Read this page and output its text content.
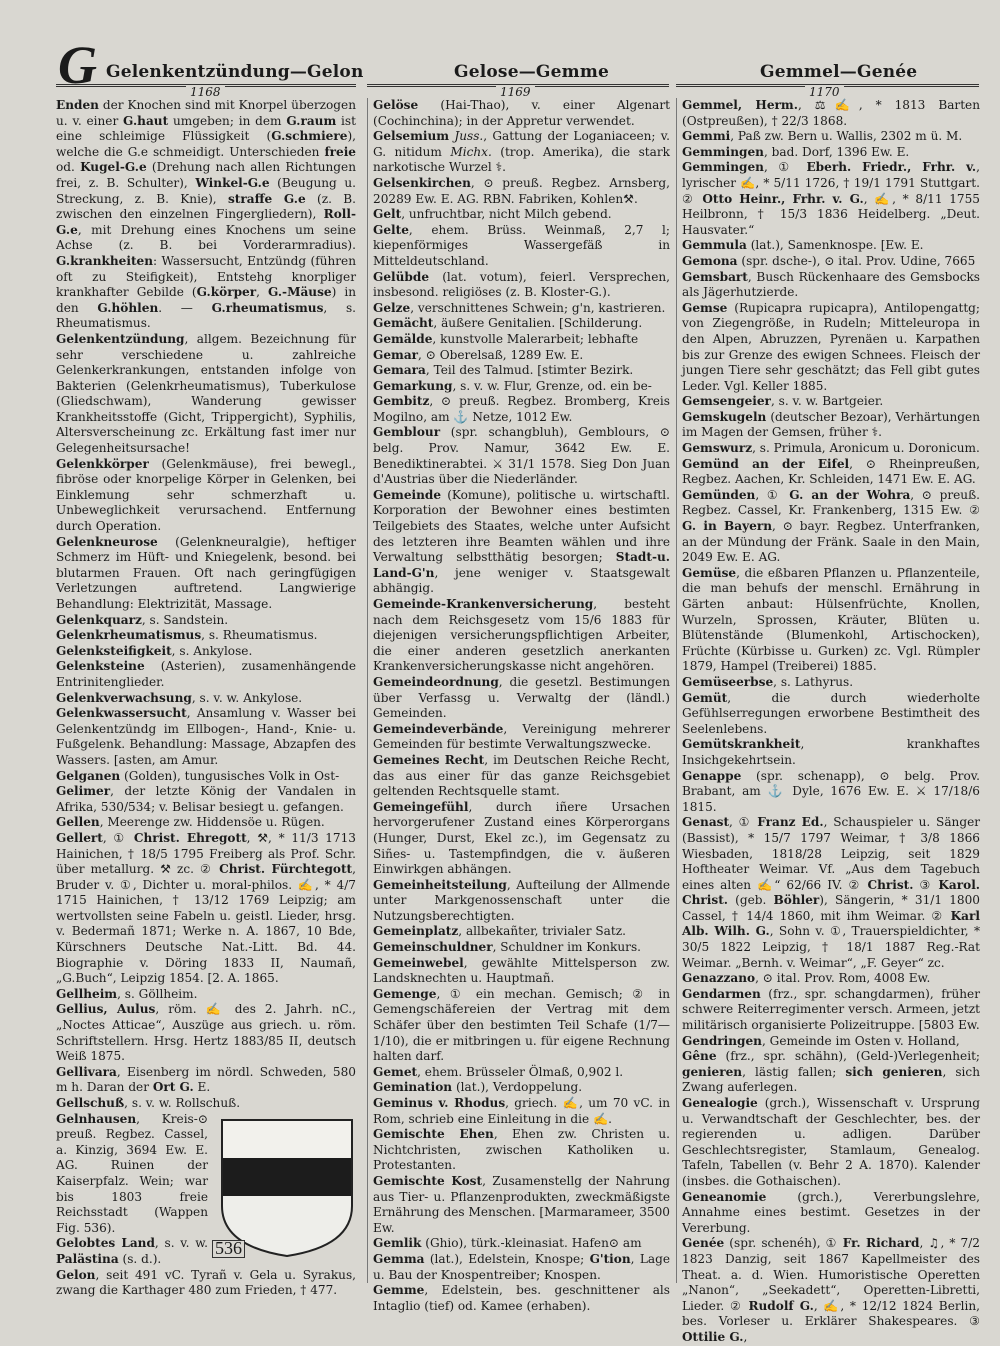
G Gelenkentzündung—Gelon	Gelose—Gemme	Gemmel—Genée
1168	1169	1170

Enden der Knochen sind mit Knorpel überzogen u. v. einer G.haut umgeben; in dem G.raum ist eine schleimige Flüssigkeit (G.schmiere), welche die G.e schmeidigt. Unterschieden freie od. Kugel-G.e (Drehung nach allen Richtungen frei, z. B. Schulter), Winkel-G.e (Beugung u. Streckung, z. B. Knie), straffe G.e (z. B. zwischen den einzelnen Fingergliedern), Roll-G.e, mit Drehung eines Knochens um seine Achse (z. B. bei Vorderarmradius). G.krankheiten: Wassersucht, Entzündg (führen oft zu Steifigkeit), Entstehg knorpliger krankhafter Gebilde (G.körper, G.-Mäuse) in den G.höhlen. — G.rheumatismus, s. Rheumatismus.

Gelenkentzündung, allgem. Bezeichnung für sehr verschiedene u. zahlreiche Gelenkerkrankungen, entstanden infolge von Bakterien (Gelenkrheumatismus), Tuberkulose (Gliedschwam), Wanderung gewisser Krankheitsstoffe (Gicht, Trippergicht), Syphilis, Altersverscheinung zc. Erkältung fast imer nur Gelegenheitsursache!

Gelenkkörper (Gelenkmäuse), frei bewegl., fibröse oder knorpelige Körper in Gelenken, bei Einklemung sehr schmerzhaft u. Unbeweglichkeit verursachend. Entfernung durch Operation.

Gelenkneurose (Gelenkneuralgie), heftiger Schmerz im Hüft- und Kniegelenk, besond. bei blutarmen Frauen. Oft nach geringfügigen Verletzungen auftretend. Langwierige Behandlung: Elektrizität, Massage.

Gelenkquarz, s. Sandstein.

Gelenkrheumatismus, s. Rheumatismus.

Gelenksteifigkeit, s. Ankylose.

Gelenksteine (Asterien), zusamenhängende Entrinitenglieder.

Gelenkverwachsung, s. v. w. Ankylose.

Gelenkwassersucht, Ansamlung v. Wasser bei Gelenkentzündg im Ellbogen-, Hand-, Knie- u. Fußgelenk. Behandlung: Massage, Abzapfen des Wassers. [asten, am Amur.

Gelganen (Golden), tungusisches Volk in Ost-

Gelimer, der letzte König der Vandalen in Afrika, 530/534; v. Belisar besiegt u. gefangen.

Gellen, Meerenge zw. Hiddensöe u. Rügen.

Gellert, ① Christ. Ehregott, ⚒, * 11/3 1713 Hainichen, † 18/5 1795 Freiberg als Prof. Schr. über metallurg. ⚒ zc. ② Christ. Fürchtegott, Bruder v. ①, Dichter u. moral-philos. ✍, * 4/7 1715 Hainichen, † 13/12 1769 Leipzig; am wertvollsten seine Fabeln u. geistl. Lieder, hrsg. v. Bedermañ 1871; Werke n. A. 1867, 10 Bde, Kürschners Deutsche Nat.-Litt. Bd. 44. Biographie v. Döring 1833 II, Naumañ, „G.Buch“, Leipzig 1854. [2. A. 1865.

Gellheim, s. Göllheim.

Gellius, Aulus, röm. ✍ des 2. Jahrh. nC., „Noctes Atticae“, Auszüge aus griech. u. röm. Schriftstellern. Hrsg. Hertz 1883/85 II, deutsch Weiß 1875.

Gellivara, Eisenberg im nördl. Schweden, 580 m h. Daran der Ort G. E.

Gellschuß, s. v. w. Rollschuß.

536
Gelnhausen, Kreis-⊙ preuß. Regbez. Cassel, a. Kinzig, 3694 Ew. E. AG. Ruinen der Kaiserpfalz. Wein; war bis 1803 freie Reichsstadt (Wappen Fig. 536).

Gelobtes Land, s. v. w. Palästina (s. d.).

Gelon, seit 491 vC. Tyrañ v. Gela u. Syrakus, zwang die Karthager 480 zum Frieden, † 477.

Gelöse (Hai-Thao), v. einer Algenart (Cochinchina); in der Appretur verwendet.

Gelsemium Juss., Gattung der Loganiaceen; v. G. nitidum Michx. (trop. Amerika), die stark narkotische Wurzel ⚕.

Gelsenkirchen, ⊙ preuß. Regbez. Arnsberg, 20289 Ew. E. AG. RBN. Fabriken, Kohlen⚒.

Gelt, unfruchtbar, nicht Milch gebend.

Gelte, ehem. Brüss. Weinmaß, 2,7 l; kiepenförmiges Wassergefäß in Mitteldeutschland.

Gelübde (lat. votum), feierl. Versprechen, insbesond. religiöses (z. B. Kloster-G.).

Gelze, verschnittenes Schwein; g'n, kastrieren.

Gemächt, äußere Genitalien. [Schilderung.

Gemälde, kunstvolle Malerarbeit; lebhafte

Gemar, ⊙ Oberelsaß, 1289 Ew. E.

Gemara, Teil des Talmud. [stimter Bezirk.

Gemarkung, s. v. w. Flur, Grenze, od. ein be-

Gembitz, ⊙ preuß. Regbez. Bromberg, Kreis Mogilno, am ⚓ Netze, 1012 Ew.

Gemblour (spr. schangbluh), Gemblours, ⊙ belg. Prov. Namur, 3642 Ew. E. Benediktinerabtei. ⚔ 31/1 1578. Sieg Don Juan d'Austrias über die Niederländer.

Gemeinde (Komune), politische u. wirtschaftl. Korporation der Bewohner eines bestimten Teilgebiets des Staates, welche unter Aufsicht des letzteren ihre Beamten wählen und ihre Verwaltung selbstthätig besorgen; Stadt-u. Land-G'n, jene weniger v. Staatsgewalt abhängig.

Gemeinde-Krankenversicherung, besteht nach dem Reichsgesetz vom 15/6 1883 für diejenigen versicherungspflichtigen Arbeiter, die einer anderen gesetzlich anerkanten Krankenversicherungskasse nicht angehören.

Gemeindeordnung, die gesetzl. Bestimungen über Verfassg u. Verwaltg der (ländl.) Gemeinden.

Gemeindeverbände, Vereinigung mehrerer Gemeinden für bestimte Verwaltungszwecke.

Gemeines Recht, im Deutschen Reiche Recht, das aus einer für das ganze Reichsgebiet geltenden Rechtsquelle stamt.

Gemeingefühl, durch iñere Ursachen hervorgerufener Zustand eines Körperorgans (Hunger, Durst, Ekel zc.), im Gegensatz zu Siñes- u. Tastempfindgen, die v. äußeren Einwirkgen abhängen.

Gemeinheitsteilung, Aufteilung der Allmende unter Markgenossenschaft unter die Nutzungsberechtigten.

Gemeinplatz, allbekañter, trivialer Satz.

Gemeinschuldner, Schuldner im Konkurs.

Gemeinwebel, gewählte Mittelsperson zw. Landsknechten u. Hauptmañ.

Gemenge, ① ein mechan. Gemisch; ② in Gemengschäfereien der Vertrag mit dem Schäfer über den bestimten Teil Schafe (1/7—1/10), die er mitbringen u. für eigene Rechnung halten darf.

Gemet, ehem. Brüsseler Ölmaß, 0,902 l.

Gemination (lat.), Verdoppelung.

Geminus v. Rhodus, griech. ✍, um 70 vC. in Rom, schrieb eine Einleitung in die ✍.

Gemischte Ehen, Ehen zw. Christen u. Nichtchristen, zwischen Katholiken u. Protestanten.

Gemischte Kost, Zusamenstellg der Nahrung aus Tier- u. Pflanzenprodukten, zweckmäßigste Ernährung des Menschen. [Marmarameer, 3500 Ew.

Gemlik (Ghio), türk.-kleinasiat. Hafen⊙ am

Gemma (lat.), Edelstein, Knospe; G'tion, Lage u. Bau der Knospentreiber; Knospen.

Gemme, Edelstein, bes. geschnittener als Intaglio (tief) od. Kamee (erhaben).

Gemmel, Herm., ⚖✍, * 1813 Barten (Ostpreußen), † 22/3 1868.

Gemmi, Paß zw. Bern u. Wallis, 2302 m ü. M.

Gemmingen, bad. Dorf, 1396 Ew. E.

Gemmingen, ① Eberh. Friedr., Frhr. v., lyrischer ✍, * 5/11 1726, † 19/1 1791 Stuttgart. ② Otto Heinr., Frhr. v. G., ✍, * 8/11 1755 Heilbronn, † 15/3 1836 Heidelberg. „Deut. Hausvater.“

Gemmula (lat.), Samenknospe. [Ew. E.

Gemona (spr. dsche-), ⊙ ital. Prov. Udine, 7665

Gemsbart, Busch Rückenhaare des Gemsbocks als Jägerhutzierde.

Gemse (Rupicapra rupicapra), Antilopengattg; von Ziegengröße, in Rudeln; Mitteleuropa in den Alpen, Abruzzen, Pyrenäen u. Karpathen bis zur Grenze des ewigen Schnees. Fleisch der jungen Tiere sehr geschätzt; das Fell gibt gutes Leder. Vgl. Keller 1885.

Gemsengeier, s. v. w. Bartgeier.

Gemskugeln (deutscher Bezoar), Verhärtungen im Magen der Gemsen, früher ⚕.

Gemswurz, s. Primula, Aronicum u. Doronicum.

Gemünd an der Eifel, ⊙ Rheinpreußen, Regbez. Aachen, Kr. Schleiden, 1471 Ew. E. AG.

Gemünden, ① G. an der Wohra, ⊙ preuß. Regbez. Cassel, Kr. Frankenberg, 1315 Ew. ② G. in Bayern, ⊙ bayr. Regbez. Unterfranken, an der Mündung der Fränk. Saale in den Main, 2049 Ew. E. AG.

Gemüse, die eßbaren Pflanzen u. Pflanzenteile, die man behufs der menschl. Ernährung in Gärten anbaut: Hülsenfrüchte, Knollen, Wurzeln, Sprossen, Kräuter, Blüten u. Blütenstände (Blumenkohl, Artischocken), Früchte (Kürbisse u. Gurken) zc. Vgl. Rümpler 1879, Hampel (Treiberei) 1885.

Gemüseerbse, s. Lathyrus.

Gemüt, die durch wiederholte Gefühlserregungen erworbene Bestimtheit des Seelenlebens.

Gemütskrankheit, krankhaftes Insichgekehrtsein.

Genappe (spr. schenapp), ⊙ belg. Prov. Brabant, am ⚓ Dyle, 1676 Ew. E. ⚔ 17/18/6 1815.

Genast, ① Franz Ed., Schauspieler u. Sänger (Bassist), * 15/7 1797 Weimar, † 3/8 1866 Wiesbaden, 1818/28 Leipzig, seit 1829 Hoftheater Weimar. Vf. „Aus dem Tagebuch eines alten ✍“ 62/66 IV. ② Christ. ③ Karol. Christ. (geb. Böhler), Sängerin, * 31/1 1800 Cassel, † 14/4 1860, mit ihm Weimar. ② Karl Alb. Wilh. G., Sohn v. ①, Trauerspieldichter, * 30/5 1822 Leipzig, † 18/1 1887 Reg.-Rat Weimar. „Bernh. v. Weimar“, „F. Geyer“ zc.

Genazzano, ⊙ ital. Prov. Rom, 4008 Ew.

Gendarmen (frz., spr. schangdarmen), früher schwere Reiterregimenter versch. Armeen, jetzt militärisch organisierte Polizeitruppe. [5803 Ew.

Gendringen, Gemeinde im Osten v. Holland,

Gêne (frz., spr. schähn), (Geld-)Verlegenheit; genieren, lästig fallen; sich genieren, sich Zwang auferlegen.

Genealogie (grch.), Wissenschaft v. Ursprung u. Verwandtschaft der Geschlechter, bes. der regierenden u. adligen. Darüber Geschlechtsregister, Stamlaum, Genealog. Tafeln, Tabellen (v. Behr 2 A. 1870). Kalender (insbes. die Gothaischen).

Geneanomie (grch.), Vererbungslehre, Annahme eines bestimt. Gesetzes in der Vererbung.

Genée (spr. schenéh), ① Fr. Richard, ♫, * 7/2 1823 Danzig, seit 1867 Kapellmeister des Theat. a. d. Wien. Humoristische Operetten „Nanon“, „Seekadett“, Operetten-Libretti, Lieder. ② Rudolf G., ✍, * 12/12 1824 Berlin, bes. Vorleser u. Erklärer Shakespeares. ③ Ottilie G.,
